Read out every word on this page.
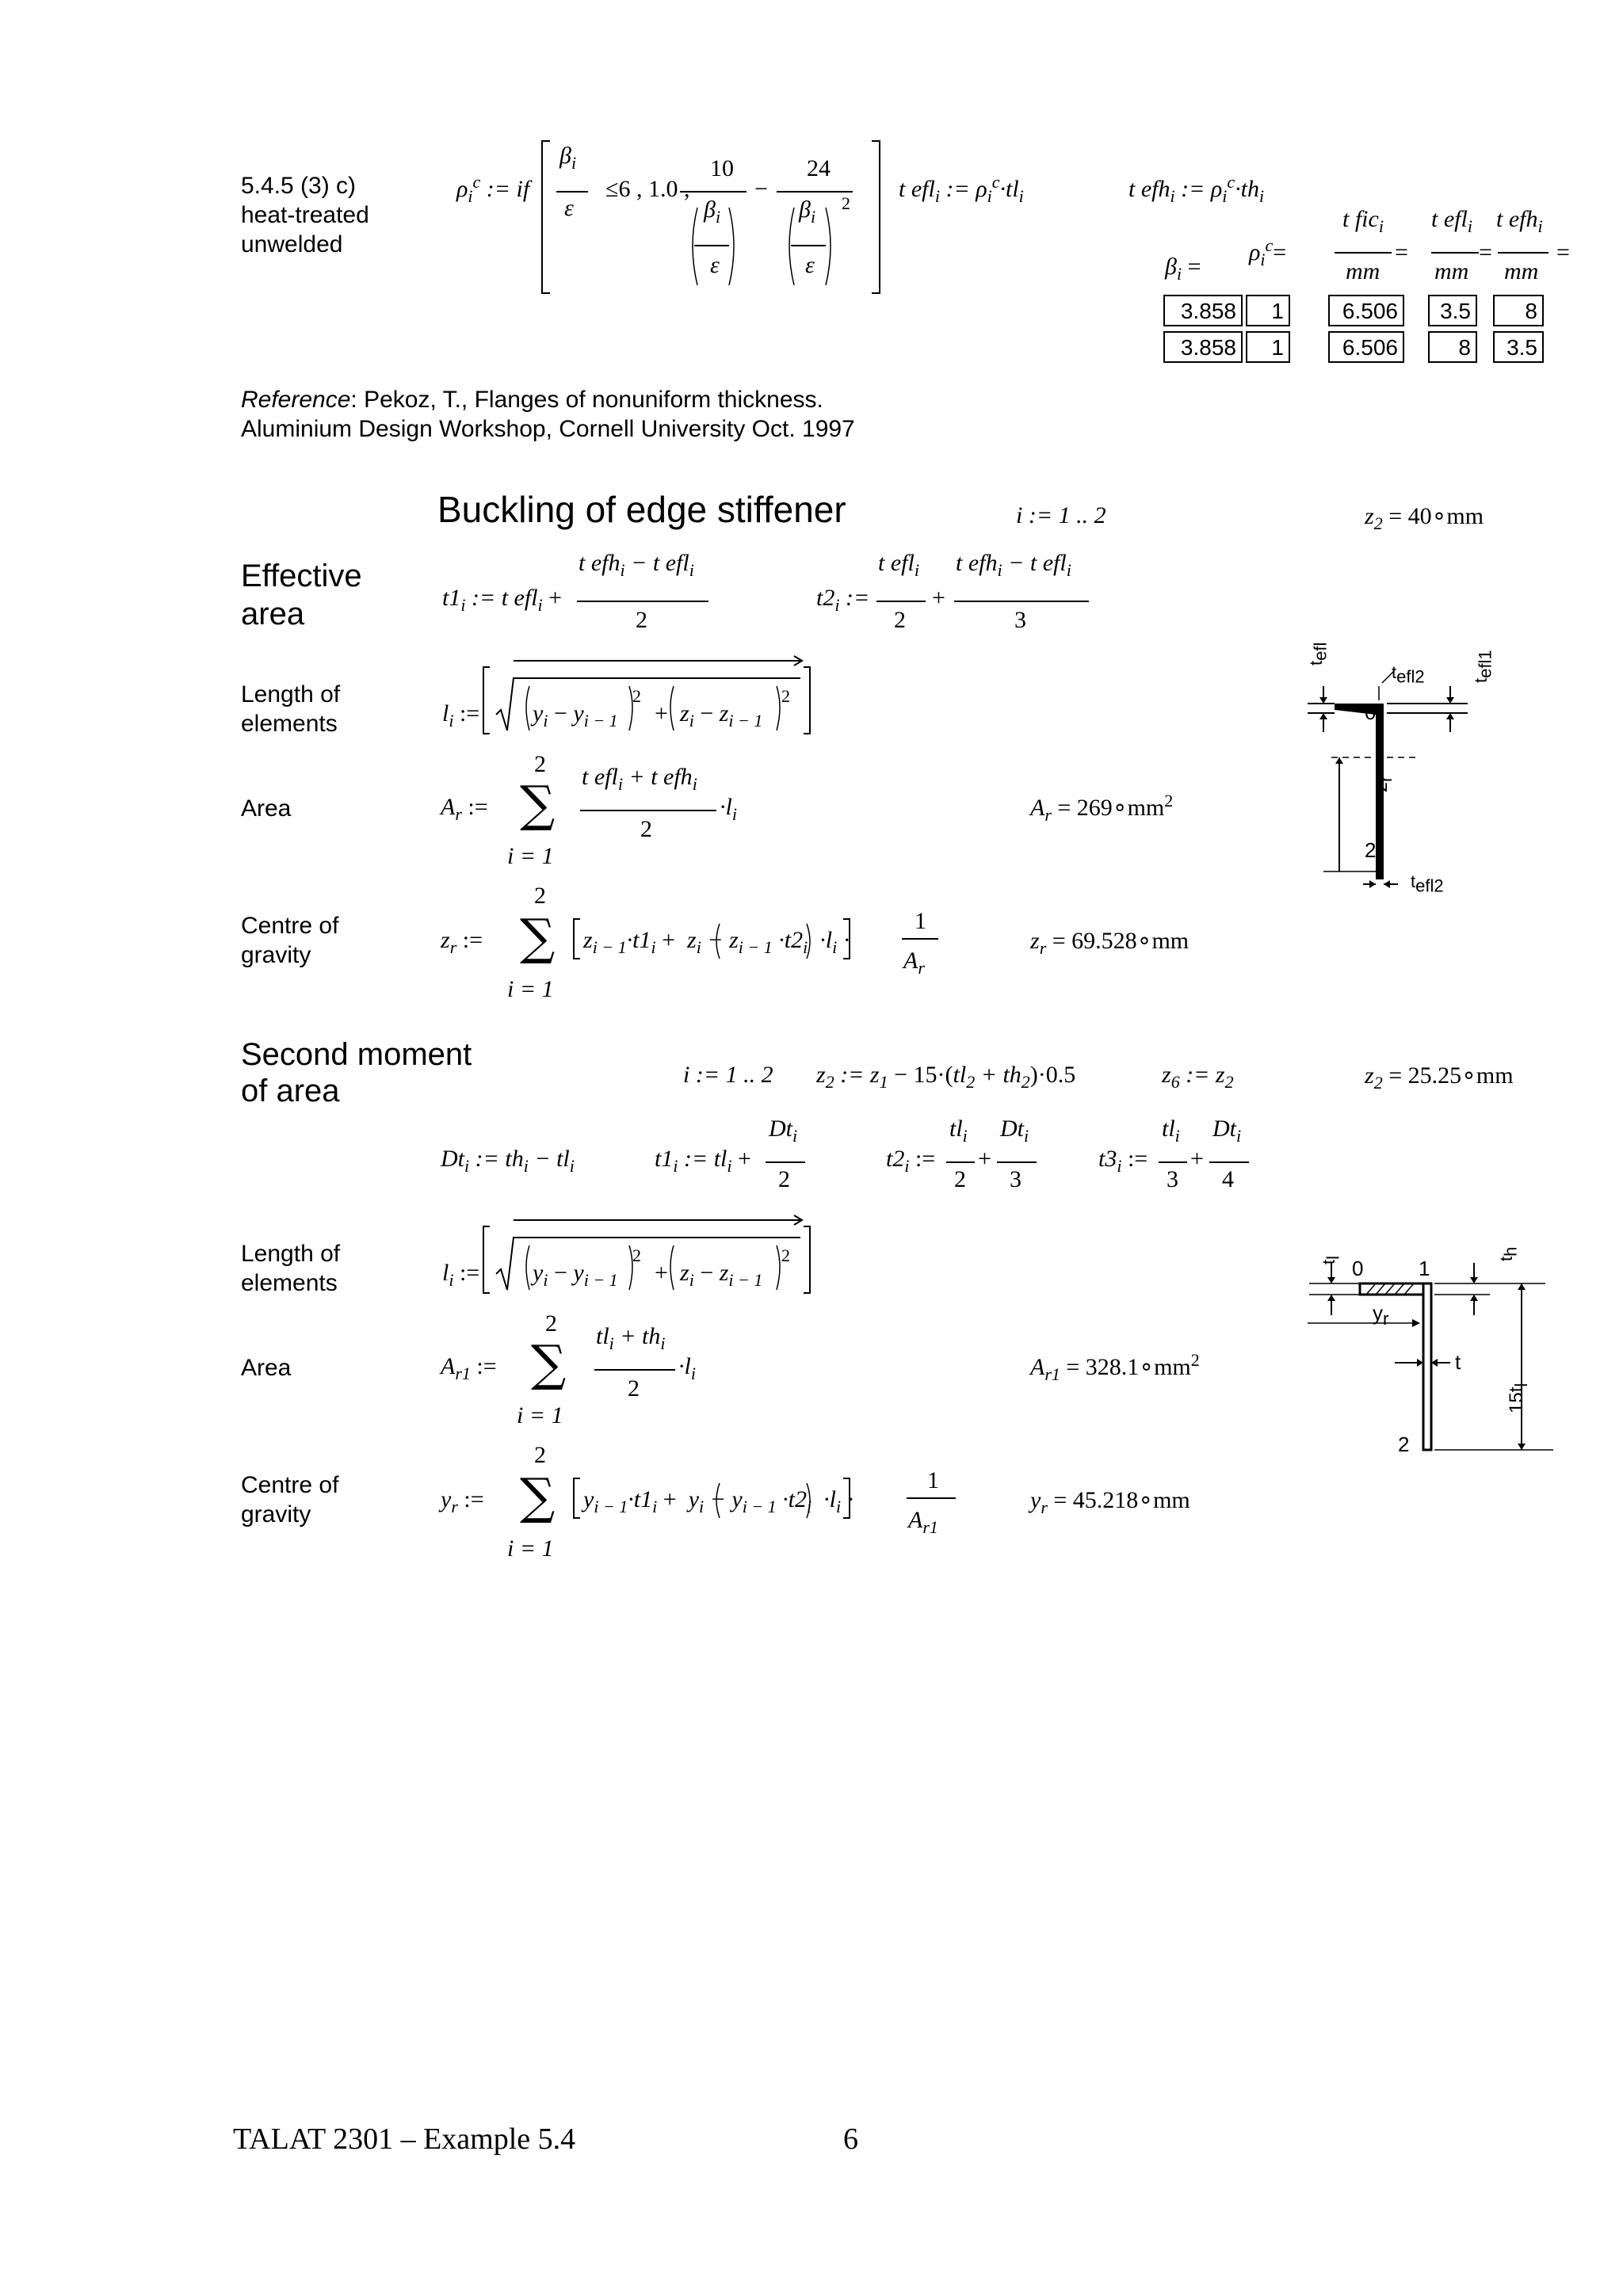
5.4.5 (3) c)
heat-treated
unwelded
$\rho_i^c$ := if
$\beta_i$
ε
≤6 , 1.0 ,
10
$\beta_i$
ε
−
24
$\beta_i$
2
ε
t efl$_i$ := $\rho_i^c\cdot tl_i$	t efh$_i$ := $\rho_i^c\cdot th_i$
$\beta_i$ =
$\rho_i^c=$
t fic$_i$
mm
=
t efl$_i$
mm
=
t efh$_i$
mm
=
3.858	1	6.506	3.5	8
3.858	1	6.506	8	3.5
Reference: Pekoz, T., Flanges of nonuniform thickness.
Aluminium Design Workshop, Cornell University Oct. 1997
Buckling of edge stiffener	i := 1 .. 2	$z_2$ = 40∘mm
Effective
area	$t1_i$ := t efl$_i$ +
t efh$_i$ − t efl$_i$
2
$t2_i$ :=
t efl$_i$
2
+
t efh$_i$ − t efl$_i$
3
Length of
elements	$l_i$ := $y_i - y_{i - 1}$
2
+ $z_i - z_{i - 1}$
2
Area	$A_r$ :=
2
∑
i = 1
t efl$_i$ + t efh$_i$
2
$\cdot l_i$	$A_r$ = $269\circ mm^2$
Centre of
gravity
$z_r$ :=
2
∑
i = 1
$z_{i - 1}\cdot t1_i + z_i - z_{i - 1} \cdot t2_i \cdot l_i$ ·
1
$A_r$
$z_r$ = 69.528∘mm
$t_{efl}$
$t_{efl2}$	$t_{efl1}$
0
$z_r$
2
$t_{efl2}$
Second moment
of area	i := 1 .. 2 $z_2$ := $z_1 - 15\cdot(tl_2 + th_2)\cdot 0.5$	$z_6$ := $z_2$	$z_2$ = 25.25∘mm
$Dt_i$ := $th_i - tl_i$	$t1_i$ := $tl_i$ +
$Dt_i$
2
$t2_i$ :=
$tl_i$
2
+
$Dt_i$
3
$t3_i$ :=
$tl_i$
3
+
$Dt_i$
4
Length of
elements	$l_i$ := $y_i - y_{i - 1}$
2
+ $z_i - z_{i - 1}$
2
Area	$A_{r1}$ :=
2
∑
i = 1
$tl_i + th_i$
2
$\cdot l_i$	$A_{r1}$ = $328.1\circ mm^2$
Centre of
gravity
$y_r$ :=
2
∑
i = 1
$y_{i - 1}\cdot t1_i + y_i - y_{i - 1} \cdot t2_i \cdot l_i$ ·
1
$A_{r1}$
$y_r$ = 45.218∘mm
$t_l$ 0	1	$t_h$
$y_r$
t
$15t_l$
2
TALAT 2301 – Example 5.4	6
